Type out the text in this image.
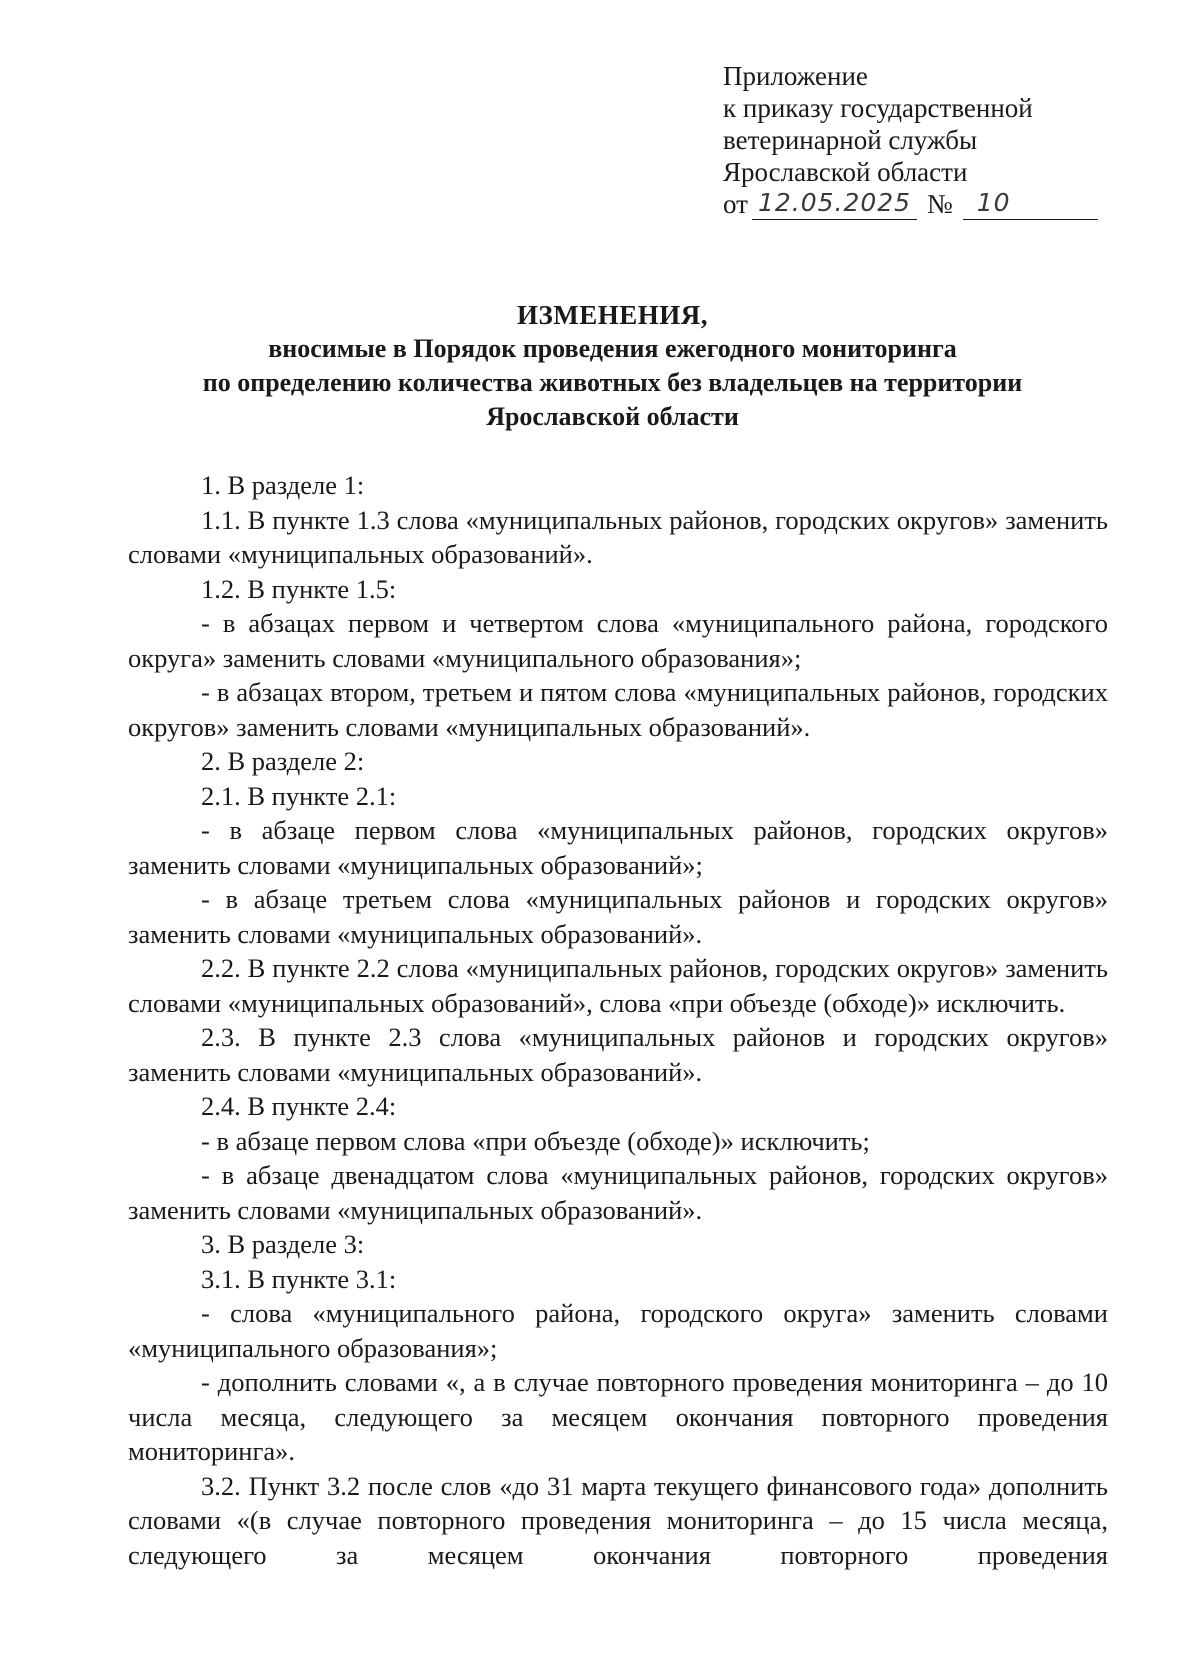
Приложение
к приказу государственной
ветеринарной службы
Ярославской области
от 12.05.2025 № 10
ИЗМЕНЕНИЯ,
вносимые в Порядок проведения ежегодного мониторинга
по определению количества животных без владельцев на территории
Ярославской области

1. В разделе 1:

1.1. В пункте 1.3 слова «муниципальных районов, городских округов» заменить словами «муниципальных образований».

1.2. В пункте 1.5:

- в абзацах первом и четвертом слова «муниципального района, городского округа» заменить словами «муниципального образования»;

- в абзацах втором, третьем и пятом слова «муниципальных районов, городских округов» заменить словами «муниципальных образований».

2. В разделе 2:

2.1. В пункте 2.1:

- в абзаце первом слова «муниципальных районов, городских округов» заменить словами «муниципальных образований»;

- в абзаце третьем слова «муниципальных районов и городских округов» заменить словами «муниципальных образований».

2.2. В пункте 2.2 слова «муниципальных районов, городских округов» заменить словами «муниципальных образований», слова «при объезде (обходе)» исключить.

2.3. В пункте 2.3 слова «муниципальных районов и городских округов» заменить словами «муниципальных образований».

2.4. В пункте 2.4:

- в абзаце первом слова «при объезде (обходе)» исключить;

- в абзаце двенадцатом слова «муниципальных районов, городских округов» заменить словами «муниципальных образований».

3. В разделе 3:

3.1. В пункте 3.1:

- слова «муниципального района, городского округа» заменить словами «муниципального образования»;

- дополнить словами «, а в случае повторного проведения мониторинга – до 10 числа месяца, следующего за месяцем окончания повторного проведения мониторинга».

3.2. Пункт 3.2 после слов «до 31 марта текущего финансового года» дополнить словами «(в случае повторного проведения мониторинга – до 15 числа месяца, следующего за месяцем окончания повторного проведения
